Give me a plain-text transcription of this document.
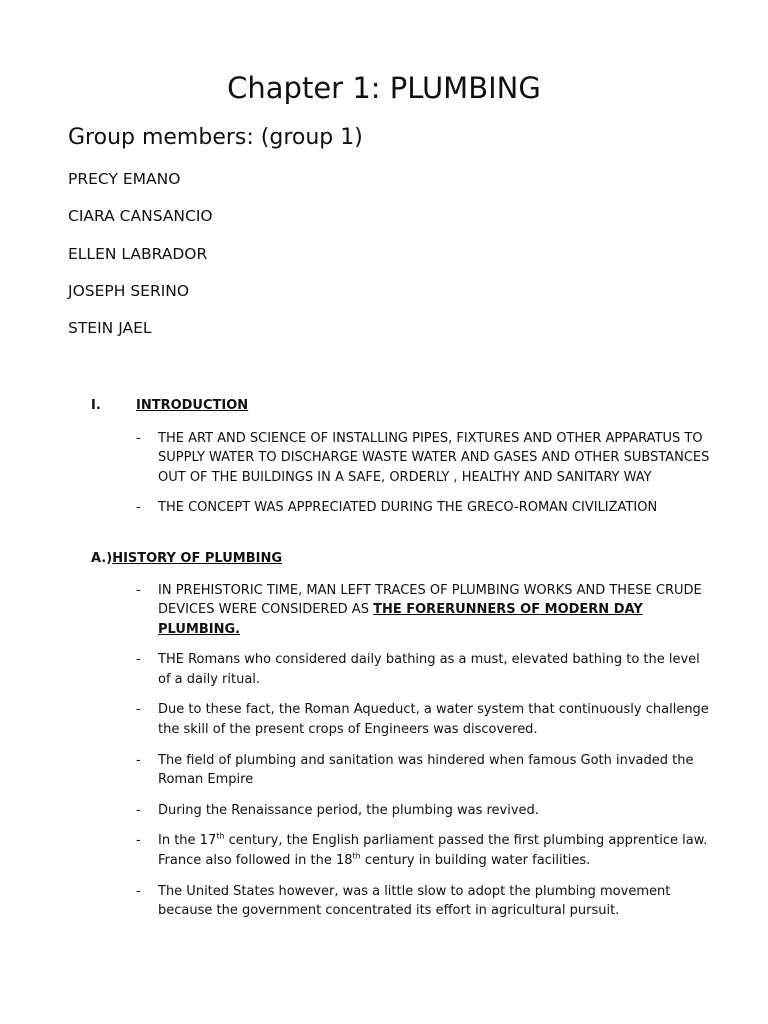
Chapter 1: PLUMBING
Group members: (group 1)
PRECY EMANO
CIARA CANSANCIO
ELLEN LABRADOR
JOSEPH SERINO
STEIN JAEL
I.	INTRODUCTION
- THE ART AND SCIENCE OF INSTALLING PIPES, FIXTURES AND OTHER APPARATUS TO SUPPLY WATER TO DISCHARGE WASTE WATER AND GASES AND OTHER SUBSTANCES OUT OF THE BUILDINGS IN A SAFE, ORDERLY , HEALTHY AND SANITARY WAY
- THE CONCEPT WAS APPRECIATED DURING THE GRECO-ROMAN CIVILIZATION
A.)HISTORY OF PLUMBING
- IN PREHISTORIC TIME, MAN LEFT TRACES OF PLUMBING WORKS AND THESE CRUDE DEVICES WERE CONSIDERED AS THE FORERUNNERS OF MODERN DAY PLUMBING.
- THE Romans who considered daily bathing as a must, elevated bathing to the level of a daily ritual.
- Due to these fact, the Roman Aqueduct, a water system that continuously challenge the skill of the present crops of Engineers was discovered.
- The field of plumbing and sanitation was hindered when famous Goth invaded the Roman Empire
- During the Renaissance period, the plumbing was revived.
- In the 17th century, the English parliament passed the first plumbing apprentice law. France also followed in the 18th century in building water facilities.
- The United States however, was a little slow to adopt the plumbing movement because the government concentrated its effort in agricultural pursuit.
